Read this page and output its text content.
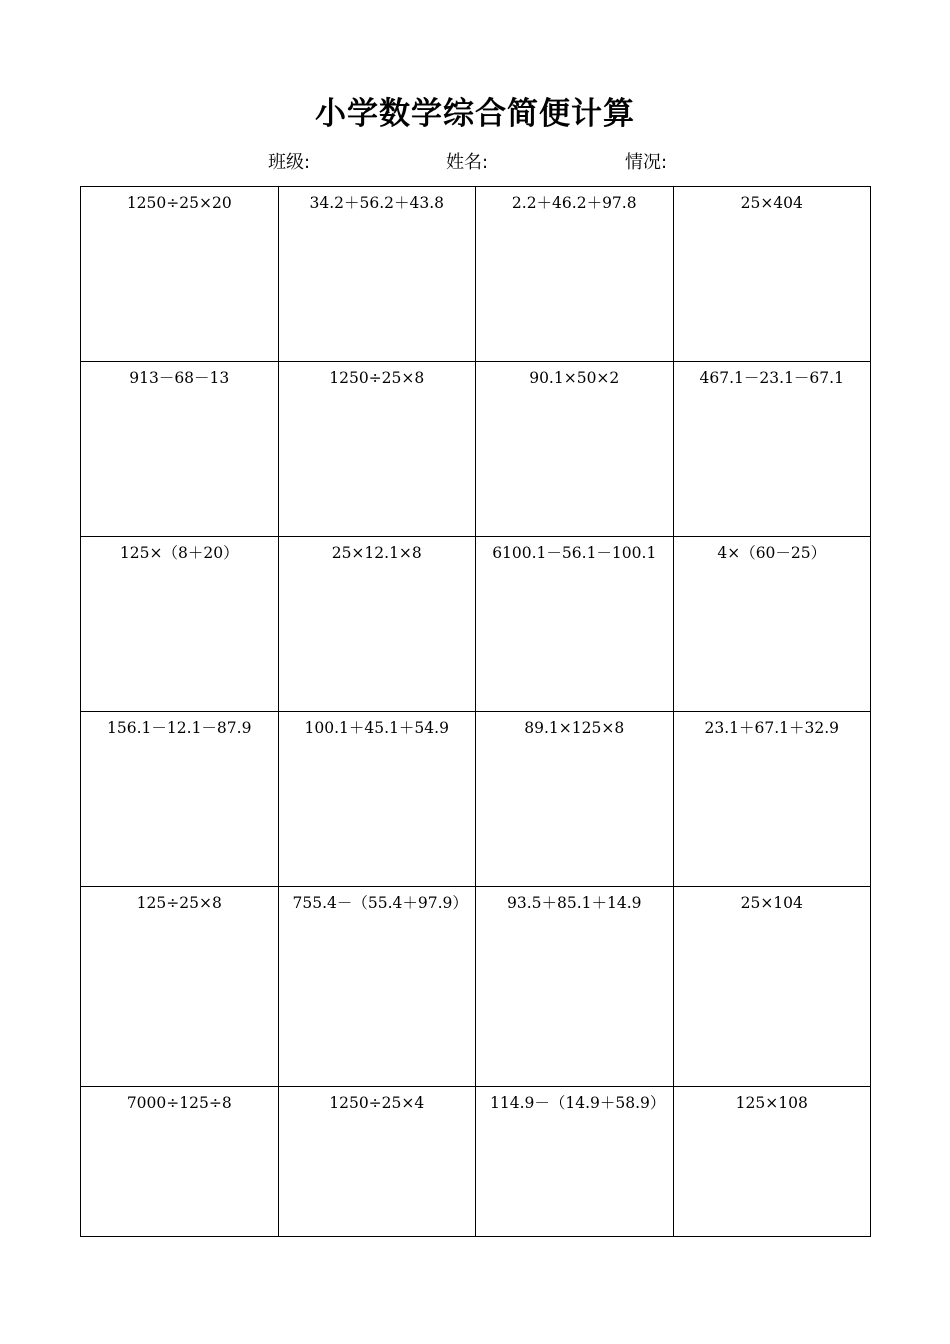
小学数学综合简便计算
班级:	姓名:	情况:
1250÷25×20	34.2＋56.2＋43.8	2.2＋46.2＋97.8	25×404
913－68－13	1250÷25×8	90.1×50×2	467.1－23.1－67.1
125×（8＋20）	25×12.1×8	6100.1－56.1－100.1	4×（60－25）
156.1－12.1－87.9	100.1＋45.1＋54.9	89.1×125×8	23.1＋67.1＋32.9
125÷25×8	755.4－（55.4＋97.9）	93.5＋85.1＋14.9	25×104
7000÷125÷8	1250÷25×4	114.9－（14.9＋58.9）	125×108
